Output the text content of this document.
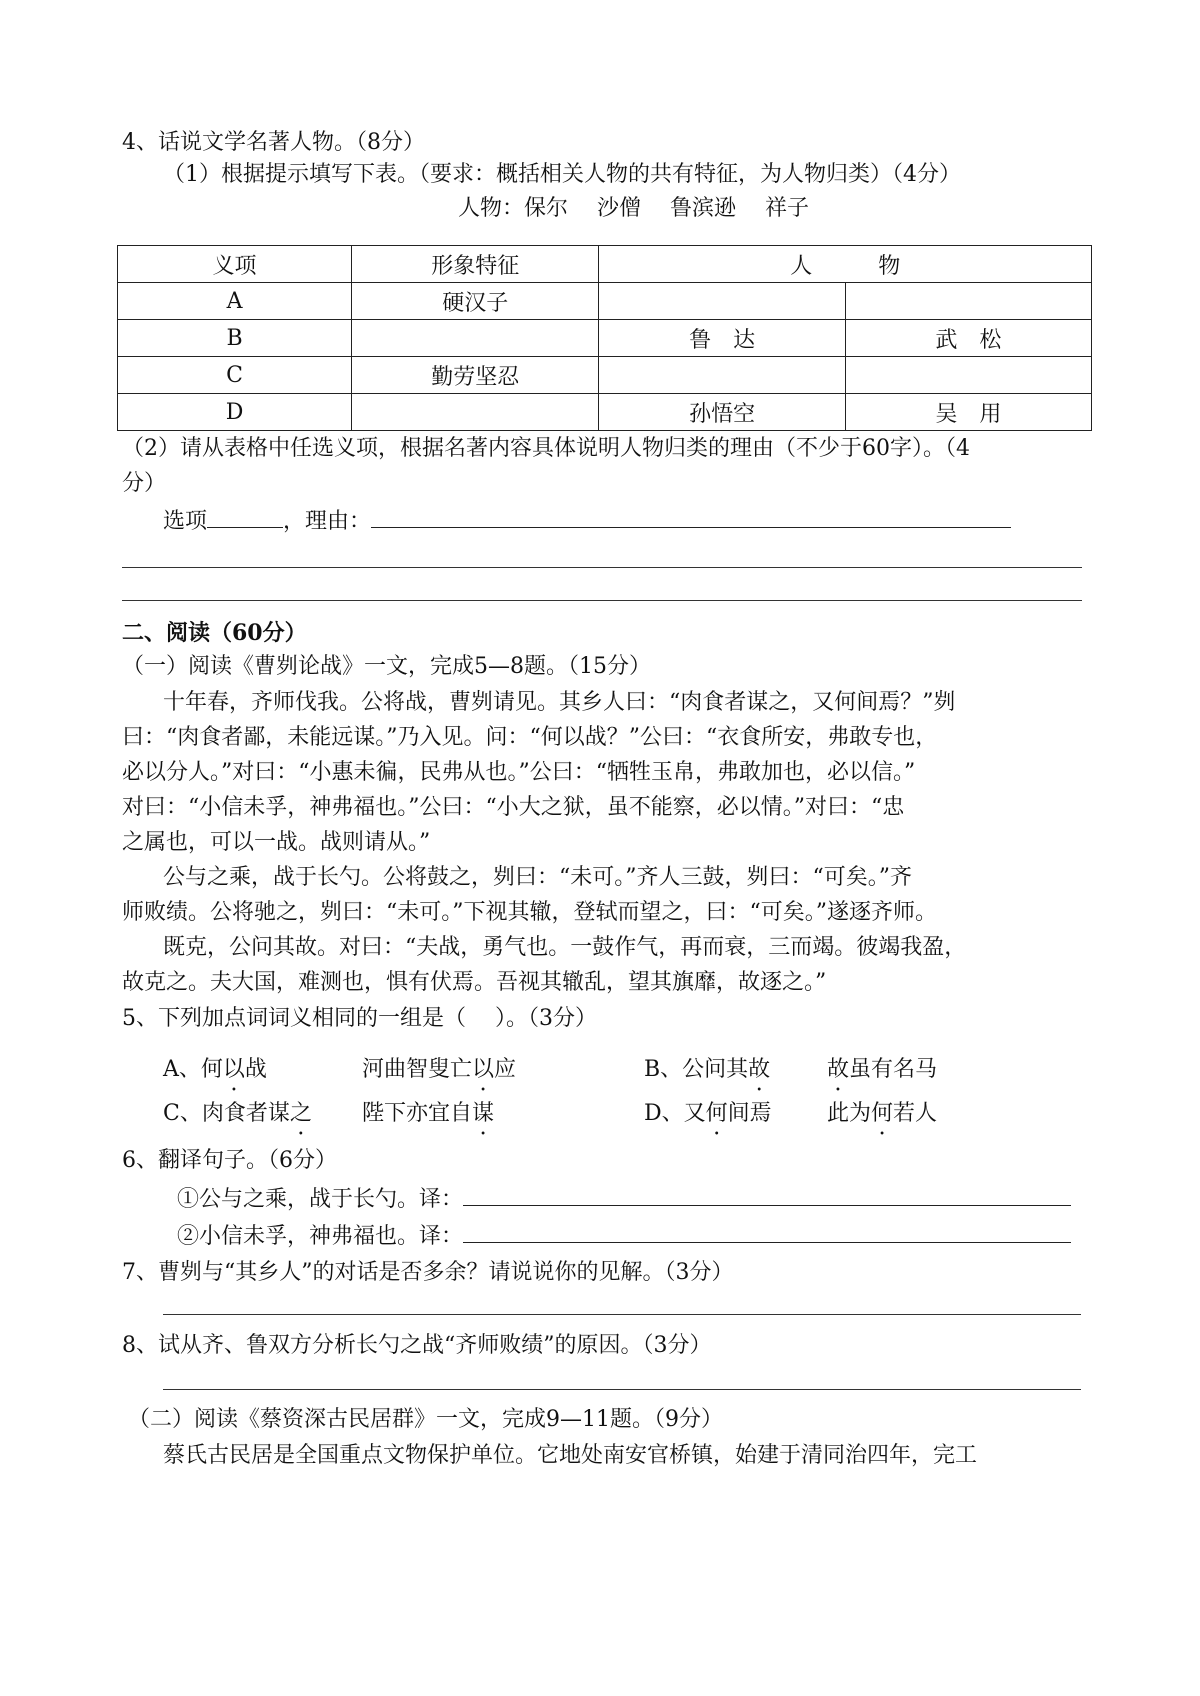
4、话说文学名著人物。（8分）
（1）根据提示填写下表。（要求：概括相关人物的共有特征，为人物归类）（4分）
人物：保尔　 沙僧　 鲁滨逊　 祥子
义项	形象特征	人　　　物	
A	硬汉子		
B		鲁　达	武　松
C	勤劳坚忍		
D		孙悟空	吴　用
（2）请从表格中任选义项，根据名著内容具体说明人物归类的理由（不少于60字）。（4
分）
选项	，理由：
二、阅读（60分）
（一）阅读《曹刿论战》一文，完成5—8题。（15分）
十年春，齐师伐我。公将战，曹刿请见。其乡人曰：“肉食者谋之，又何间焉？”刿
曰：“肉食者鄙，未能远谋。”乃入见。问：“何以战？”公曰：“衣食所安，弗敢专也，
必以分人。”对曰：“小惠未徧，民弗从也。”公曰：“牺牲玉帛，弗敢加也，必以信。”
对曰：“小信未孚，神弗福也。”公曰：“小大之狱，虽不能察，必以情。”对曰：“忠
之属也，可以一战。战则请从。”
公与之乘，战于长勺。公将鼓之，刿曰：“未可。”齐人三鼓，刿曰：“可矣。”齐
师败绩。公将驰之，刿曰：“未可。”下视其辙，登轼而望之，曰：“可矣。”遂逐齐师。
既克，公问其故。对曰：“夫战，勇气也。一鼓作气，再而衰，三而竭。彼竭我盈，
故克之。夫大国，难测也，惧有伏焉。吾视其辙乱，望其旗靡，故逐之。”
5、下列加点词词义相同的一组是（　 ）。（3分）
A、何以战	河曲智叟亡以应	B、公问其故	故虽有名马
C、肉食者谋之 陛下亦宜自谋	D、又何间焉	此为何若人
6、翻译句子。（6分）
①公与之乘，战于长勺。译：
②小信未孚，神弗福也。译：
7、曹刿与“其乡人”的对话是否多余？请说说你的见解。（3分）
8、试从齐、鲁双方分析长勺之战“齐师败绩”的原因。（3分）
（二）阅读《蔡资深古民居群》一文，完成9—11题。（9分）
蔡氏古民居是全国重点文物保护单位。它地处南安官桥镇，始建于清同治四年，完工
